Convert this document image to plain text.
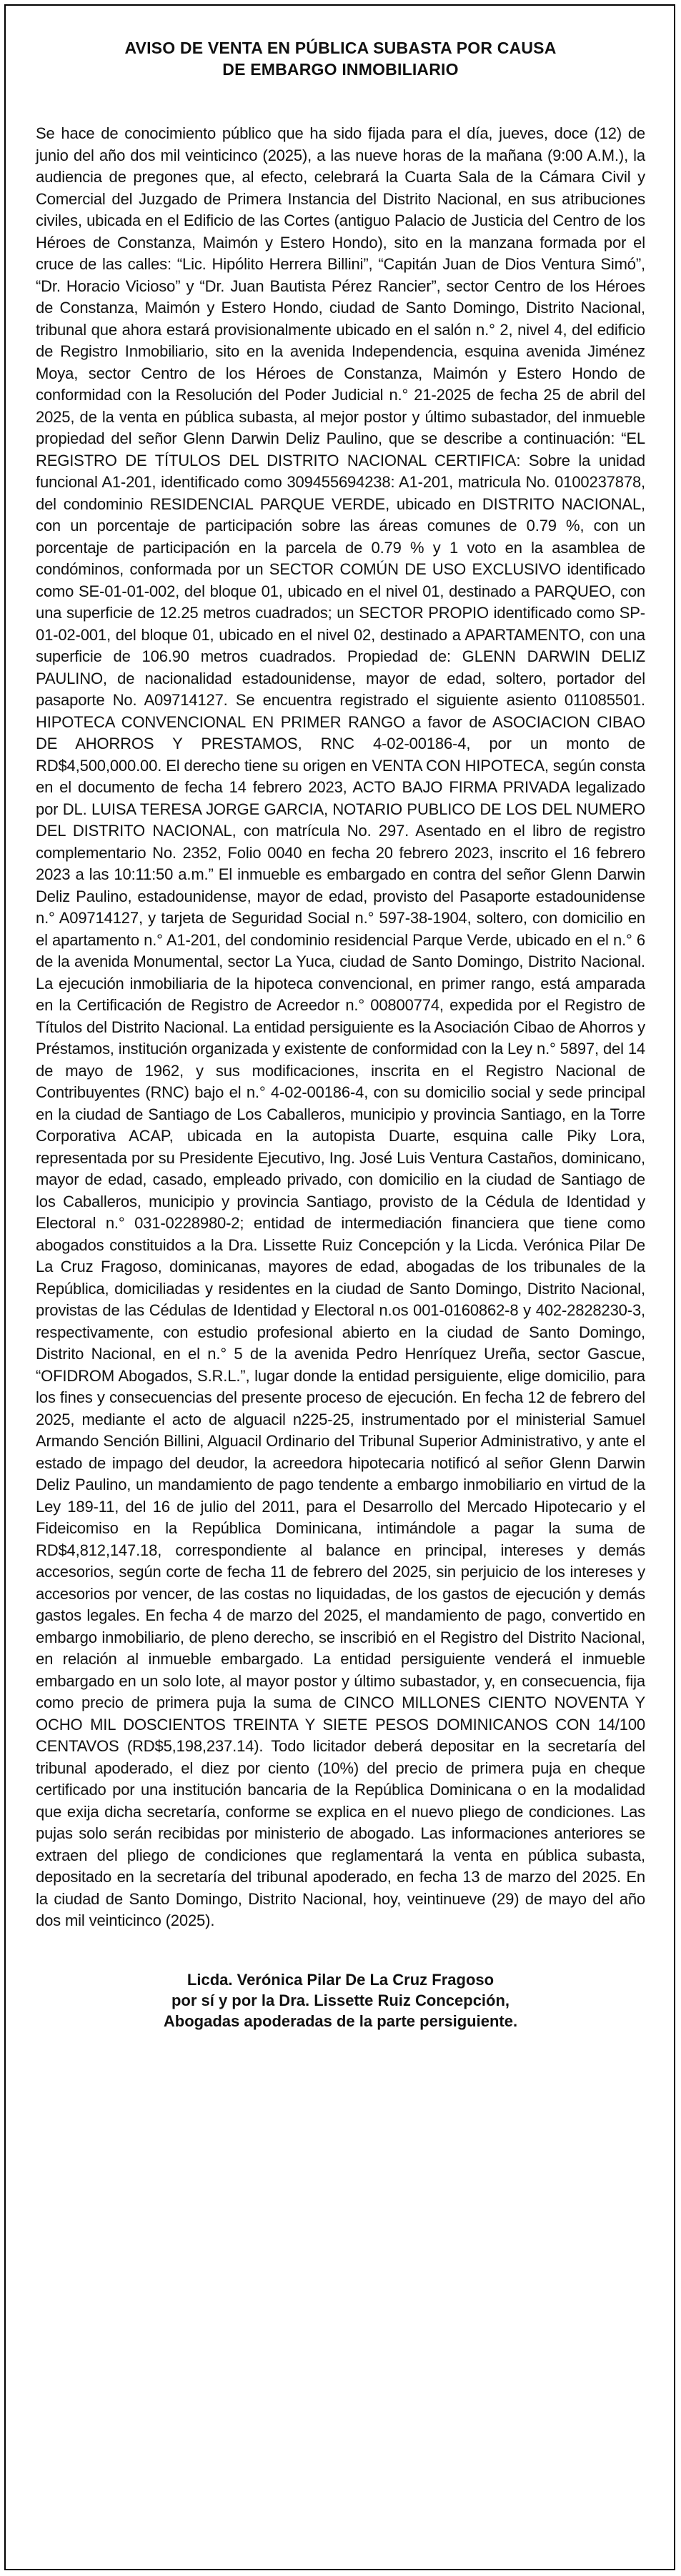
AVISO DE VENTA EN PÚBLICA SUBASTA POR CAUSA
DE EMBARGO INMOBILIARIO

Se hace de conocimiento público que ha sido fijada para el día, jueves, doce (12) de junio del año dos mil veinticinco (2025), a las nueve horas de la mañana (9:00 A.M.), la audiencia de pregones que, al efecto, celebrará la Cuarta Sala de la Cámara Civil y Comercial del Juzgado de Primera Instancia del Distrito Nacional, en sus atribuciones civiles, ubicada en el Edificio de las Cortes (antiguo Palacio de Justicia del Centro de los Héroes de Constanza, Maimón y Estero Hondo), sito en la manzana formada por el cruce de las calles: “Lic. Hipólito Herrera Billini”, “Capitán Juan de Dios Ventura Simó”, “Dr. Horacio Vicioso” y “Dr. Juan Bautista Pérez Rancier”, sector Centro de los Héroes de Constanza, Maimón y Estero Hondo, ciudad de Santo Domingo, Distrito Nacional, tribunal que ahora estará provisionalmente ubicado en el salón n.° 2, nivel 4, del edificio de Registro Inmobiliario, sito en la avenida Independencia, esquina avenida Jiménez Moya, sector Centro de los Héroes de Constanza, Maimón y Estero Hondo de conformidad con la Resolución del Poder Judicial n.° 21-2025 de fecha 25 de abril del 2025, de la venta en pública subasta, al mejor postor y último subastador, del inmueble propiedad del señor Glenn Darwin Deliz Paulino, que se describe a continuación: “EL REGISTRO DE TÍTULOS DEL DISTRITO NACIONAL CERTIFICA: Sobre la unidad funcional A1-201, identificado como 309455694238: A1-201, matricula No. 0100237878, del condominio RESIDENCIAL PARQUE VERDE, ubicado en DISTRITO NACIONAL, con un porcentaje de participación sobre las áreas comunes de 0.79 %, con un porcentaje de participación en la parcela de 0.79 % y 1 voto en la asamblea de condóminos, conformada por un SECTOR COMÚN DE USO EXCLUSIVO identificado como SE-01-01-002, del bloque 01, ubicado en el nivel 01, destinado a PARQUEO, con una superficie de 12.25 metros cuadrados; un SECTOR PROPIO identificado como SP-01-02-001, del bloque 01, ubicado en el nivel 02, destinado a APARTAMENTO, con una superficie de 106.90 metros cuadrados. Propiedad de: GLENN DARWIN DELIZ PAULINO, de nacionalidad estadounidense, mayor de edad, soltero, portador del pasaporte No. A09714127. Se encuentra registrado el siguiente asiento 011085501. HIPOTECA CONVENCIONAL EN PRIMER RANGO a favor de ASOCIACION CIBAO DE AHORROS Y PRESTAMOS, RNC 4-02-00186-4, por un monto de RD$4,500,000.00. El derecho tiene su origen en VENTA CON HIPOTECA, según consta en el documento de fecha 14 febrero 2023, ACTO BAJO FIRMA PRIVADA legalizado por DL. LUISA TERESA JORGE GARCIA, NOTARIO PUBLICO DE LOS DEL NUMERO DEL DISTRITO NACIONAL, con matrícula No. 297. Asentado en el libro de registro complementario No. 2352, Folio 0040 en fecha 20 febrero 2023, inscrito el 16 febrero 2023 a las 10:11:50 a.m.” El inmueble es embargado en contra del señor Glenn Darwin Deliz Paulino, estadounidense, mayor de edad, provisto del Pasaporte estadounidense n.° A09714127, y tarjeta de Seguridad Social n.° 597-38-1904, soltero, con domicilio en el apartamento n.° A1-201, del condominio residencial Parque Verde, ubicado en el n.° 6 de la avenida Monumental, sector La Yuca, ciudad de Santo Domingo, Distrito Nacional. La ejecución inmobiliaria de la hipoteca convencional, en primer rango, está amparada en la Certificación de Registro de Acreedor n.° 00800774, expedida por el Registro de Títulos del Distrito Nacional. La entidad persiguiente es la Asociación Cibao de Ahorros y Préstamos, institución organizada y existente de conformidad con la Ley n.° 5897, del 14 de mayo de 1962, y sus modificaciones, inscrita en el Registro Nacional de Contribuyentes (RNC) bajo el n.° 4-02-00186-4, con su domicilio social y sede principal en la ciudad de Santiago de Los Caballeros, municipio y provincia Santiago, en la Torre Corporativa ACAP, ubicada en la autopista Duarte, esquina calle Piky Lora, representada por su Presidente Ejecutivo, Ing. José Luis Ventura Castaños, dominicano, mayor de edad, casado, empleado privado, con domicilio en la ciudad de Santiago de los Caballeros, municipio y provincia Santiago, provisto de la Cédula de Identidad y Electoral n.° 031-0228980-2; entidad de intermediación financiera que tiene como abogados constituidos a la Dra. Lissette Ruiz Concepción y la Licda. Verónica Pilar De La Cruz Fragoso, dominicanas, mayores de edad, abogadas de los tribunales de la República, domiciliadas y residentes en la ciudad de Santo Domingo, Distrito Nacional, provistas de las Cédulas de Identidad y Electoral n.os 001-0160862-8 y 402-2828230-3, respectivamente, con estudio profesional abierto en la ciudad de Santo Domingo, Distrito Nacional, en el n.° 5 de la avenida Pedro Henríquez Ureña, sector Gascue, “OFIDROM Abogados, S.R.L.”, lugar donde la entidad persiguiente, elige domicilio, para los fines y consecuencias del presente proceso de ejecución. En fecha 12 de febrero del 2025, mediante el acto de alguacil n225-25, instrumentado por el ministerial Samuel Armando Sención Billini, Alguacil Ordinario del Tribunal Superior Administrativo, y ante el estado de impago del deudor, la acreedora hipotecaria notificó al señor Glenn Darwin Deliz Paulino, un mandamiento de pago tendente a embargo inmobiliario en virtud de la Ley 189-11, del 16 de julio del 2011, para el Desarrollo del Mercado Hipotecario y el Fideicomiso en la República Dominicana, intimándole a pagar la suma de RD$4,812,147.18, correspondiente al balance en principal, intereses y demás accesorios, según corte de fecha 11 de febrero del 2025, sin perjuicio de los intereses y accesorios por vencer, de las costas no liquidadas, de los gastos de ejecución y demás gastos legales. En fecha 4 de marzo del 2025, el mandamiento de pago, convertido en embargo inmobiliario, de pleno derecho, se inscribió en el Registro del Distrito Nacional, en relación al inmueble embargado. La entidad persiguiente venderá el inmueble embargado en un solo lote, al mayor postor y último subastador, y, en consecuencia, fija como precio de primera puja la suma de CINCO MILLONES CIENTO NOVENTA Y OCHO MIL DOSCIENTOS TREINTA Y SIETE PESOS DOMINICANOS CON 14/100 CENTAVOS (RD$5,198,237.14). Todo licitador deberá depositar en la secretaría del tribunal apoderado, el diez por ciento (10%) del precio de primera puja en cheque certificado por una institución bancaria de la República Dominicana o en la modalidad que exija dicha secretaría, conforme se explica en el nuevo pliego de condiciones. Las pujas solo serán recibidas por ministerio de abogado. Las informaciones anteriores se extraen del pliego de condiciones que reglamentará la venta en pública subasta, depositado en la secretaría del tribunal apoderado, en fecha 13 de marzo del 2025. En la ciudad de Santo Domingo, Distrito Nacional, hoy, veintinueve (29) de mayo del año dos mil veinticinco (2025).

Licda. Verónica Pilar De La Cruz Fragoso
por sí y por la Dra. Lissette Ruiz Concepción,
Abogadas apoderadas de la parte persiguiente.
